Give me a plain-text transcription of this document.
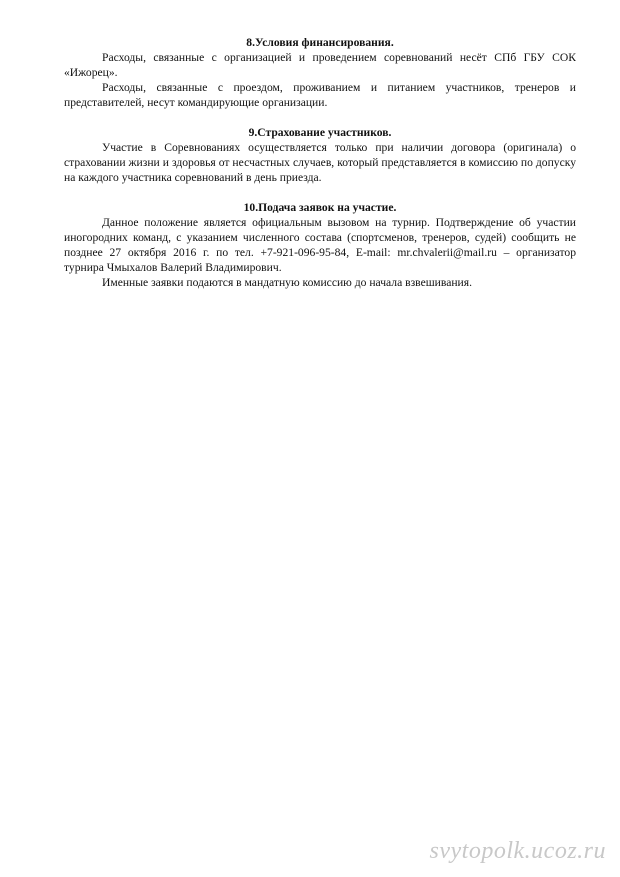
8.Условия финансирования.

Расходы, связанные с организацией и проведением соревнований несёт СПб ГБУ СОК «Ижорец».

Расходы, связанные с проездом, проживанием и питанием участников, тренеров и представителей, несут командирующие организации.

9.Страхование участников.

Участие в Соревнованиях осуществляется только при наличии договора (оригинала) о страховании жизни и здоровья от несчастных случаев, который представляется в комиссию по допуску на каждого участника соревнований в день приезда.

10.Подача заявок на участие.

Данное положение является официальным вызовом на турнир. Подтверждение об участии иногородних команд, с указанием численного состава (спортсменов, тренеров, судей) сообщить не позднее 27 октября 2016 г. по тел. +7-921-096-95-84, E-mail: mr.chvalerii@mail.ru – организатор турнира Чмыхалов Валерий Владимирович.

Именные заявки подаются в мандатную комиссию до начала взвешивания.

svytopolk.ucoz.ru
